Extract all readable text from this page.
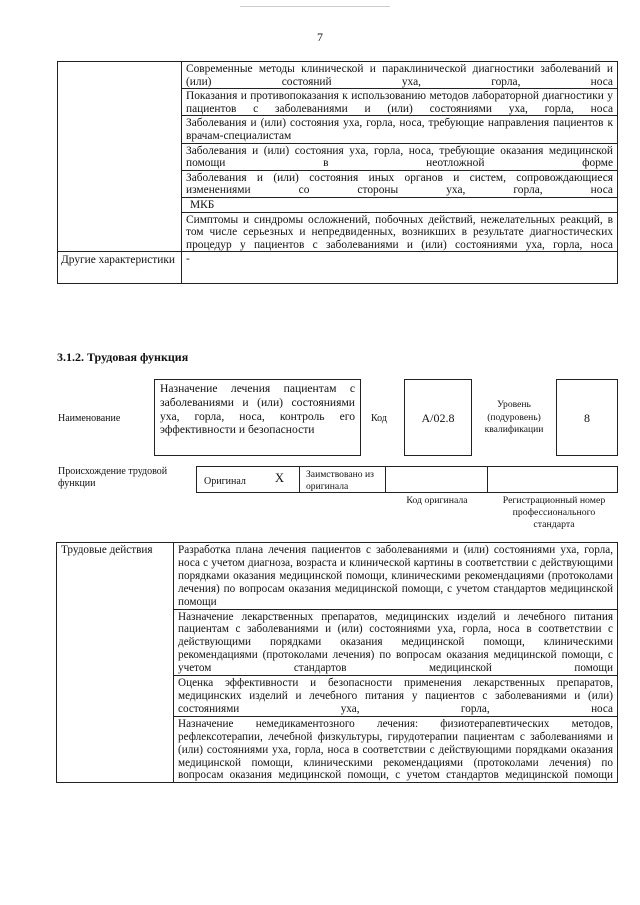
7
	Современные методы клинической и параклинической диагностики заболеваний и (или) состояний уха, горла, носа
	Показания и противопоказания к использованию методов лабораторной диагностики у пациентов с заболеваниями и (или) состояниями уха, горла, носа
	Заболевания и (или) состояния уха, горла, носа, требующие направления пациентов к врачам-специалистам
	Заболевания и (или) состояния уха, горла, носа, требующие оказания медицинской помощи в неотложной форме
	Заболевания и (или) состояния иных органов и систем, сопровождающиеся изменениями со стороны уха, горла, носа
	МКБ
	Симптомы и синдромы осложнений, побочных действий, нежелательных реакций, в том числе серьезных и непредвиденных, возникших в результате диагностических процедур у пациентов с заболеваниями и (или) состояниями уха, горла, носа
Другие характеристики	-
3.1.2. Трудовая функция
Наименование
Назначение лечения пациентам с заболеваниями и (или) состояниями уха, горла, носа, контроль его эффективности и безопасности
Код	A/02.8
Уровень (подуровень) квалификации
8
Происхождение трудовой функции	Оригинал X	Заимствовано из оригинала
Код оригинала	Регистрационный номер профессионального стандарта
Трудовые действия	Разработка плана лечения пациентов с заболеваниями и (или) состояниями уха, горла, носа с учетом диагноза, возраста и клинической картины в соответствии с действующими порядками оказания медицинской помощи, клиническими рекомендациями (протоколами лечения) по вопросам оказания медицинской помощи, с учетом стандартов медицинской помощи
Назначение лекарственных препаратов, медицинских изделий и лечебного питания пациентам с заболеваниями и (или) состояниями уха, горла, носа в соответствии с действующими порядками оказания медицинской помощи, клиническими рекомендациями (протоколами лечения) по вопросам оказания медицинской помощи, с учетом стандартов медицинской помощи
Оценка эффективности и безопасности применения лекарственных препаратов, медицинских изделий и лечебного питания у пациентов с заболеваниями и (или) состояниями уха, горла, носа
Назначение немедикаментозного лечения: физиотерапевтических методов, рефлексотерапии, лечебной физкультуры, гирудотерапии пациентам с заболеваниями и (или) состояниями уха, горла, носа в соответствии с действующими порядками оказания медицинской помощи, клиническими рекомендациями (протоколами лечения) по вопросам оказания медицинской помощи, с учетом стандартов медицинской помощи
